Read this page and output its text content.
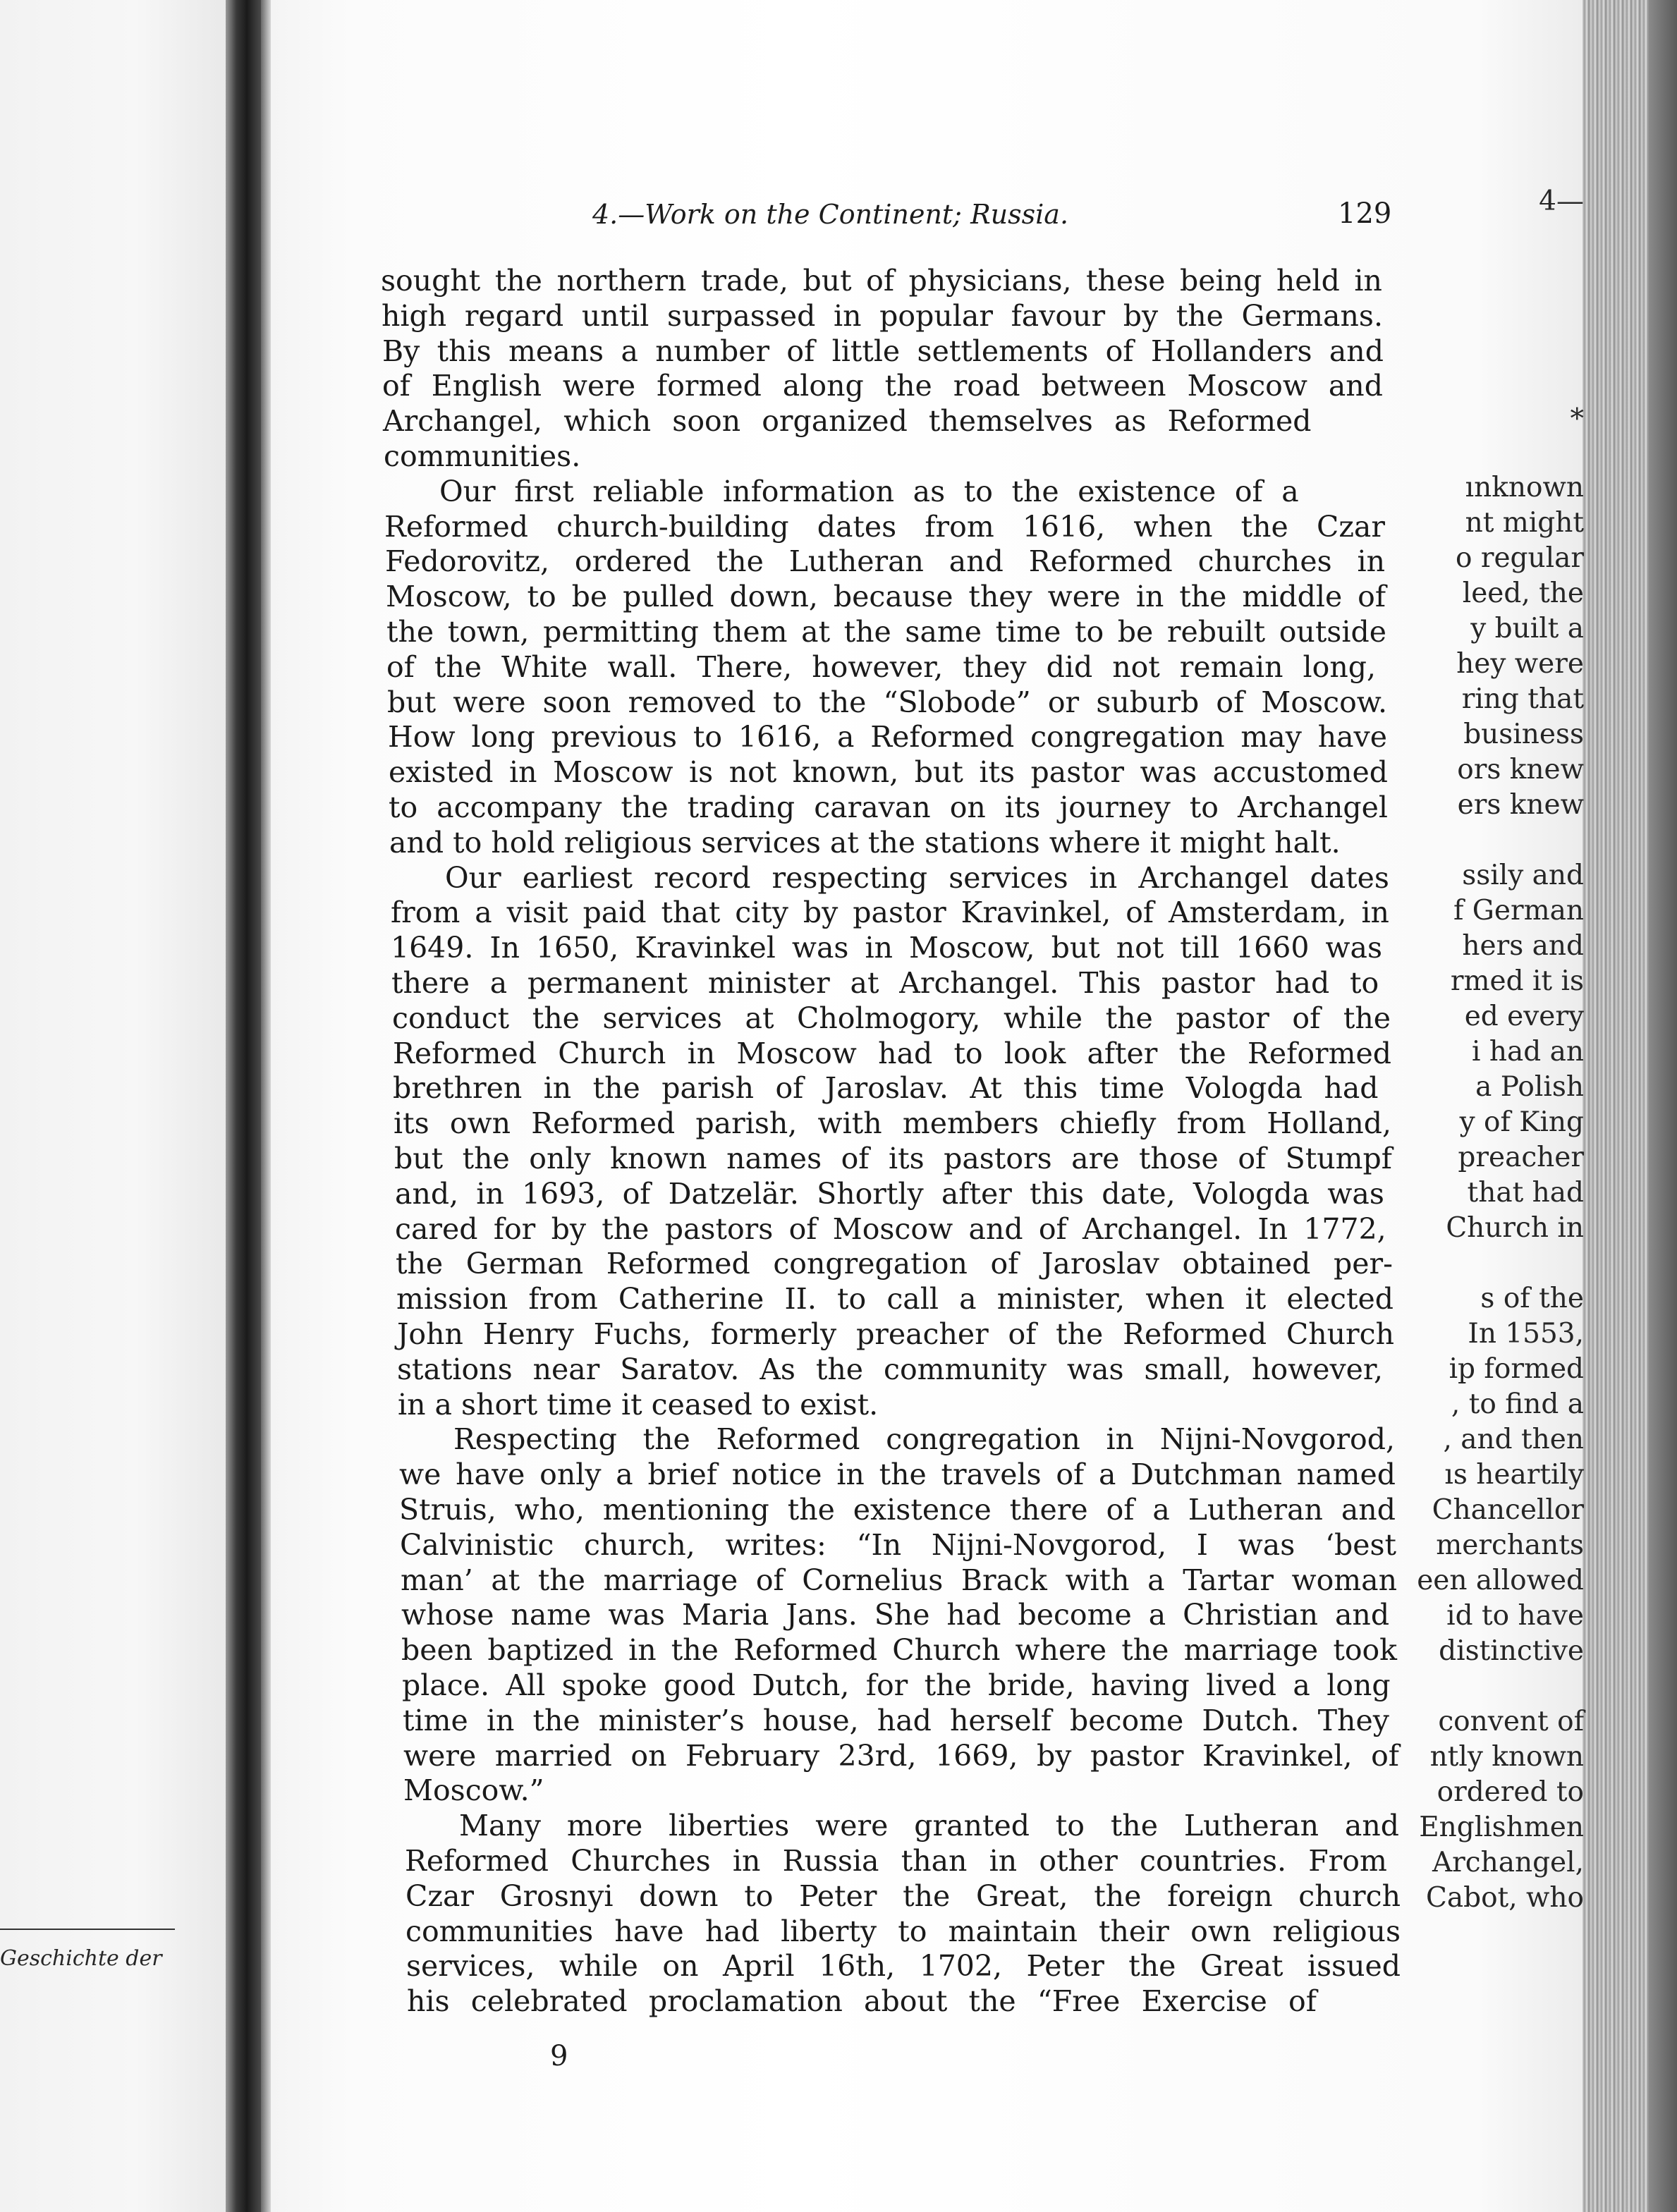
4—
*
ınknown
nt might
o regular
leed, the
y built a
hey were
ring that
business
ors knew
ers knew
ssily and
f German
hers and
rmed it is
ed every
i had an
a Polish
y of King
preacher
that had
Church in
s of the
In 1553,
ip formed
, to find a
, and then
ıs heartily
Chancellor
merchants
een allowed
id to have
distinctive
convent of
ntly known
ordered to
Englishmen
Archangel,
Cabot, who
Geschichte der
4.—Work on the Continent; Russia.	129
sought the northern trade, but of physicians, these being held in
high regard until surpassed in popular favour by the Germans.
By this means a number of little settlements of Hollanders and
of English were formed along the road between Moscow and
Archangel, which soon organized themselves as Reformed
communities.
Our first reliable information as to the existence of a
Reformed church-building dates from 1616, when the Czar
Fedorovitz, ordered the Lutheran and Reformed churches in
Moscow, to be pulled down, because they were in the middle of
the town, permitting them at the same time to be rebuilt outside
of the White wall. There, however, they did not remain long,
but were soon removed to the “Slobode” or suburb of Moscow.
How long previous to 1616, a Reformed congregation may have
existed in Moscow is not known, but its pastor was accustomed
to accompany the trading caravan on its journey to Archangel
and to hold religious services at the stations where it might halt.
Our earliest record respecting services in Archangel dates
from a visit paid that city by pastor Kravinkel, of Amsterdam, in
1649. In 1650, Kravinkel was in Moscow, but not till 1660 was
there a permanent minister at Archangel. This pastor had to
conduct the services at Cholmogory, while the pastor of the
Reformed Church in Moscow had to look after the Reformed
brethren in the parish of Jaroslav. At this time Vologda had
its own Reformed parish, with members chiefly from Holland,
but the only known names of its pastors are those of Stumpf
and, in 1693, of Datzelär. Shortly after this date, Vologda was
cared for by the pastors of Moscow and of Archangel. In 1772,
the German Reformed congregation of Jaroslav obtained per-
mission from Catherine II. to call a minister, when it elected
John Henry Fuchs, formerly preacher of the Reformed Church
stations near Saratov. As the community was small, however,
in a short time it ceased to exist.
Respecting the Reformed congregation in Nijni-Novgorod,
we have only a brief notice in the travels of a Dutchman named
Struis, who, mentioning the existence there of a Lutheran and
Calvinistic church, writes: “In Nijni-Novgorod, I was ‘best
man’ at the marriage of Cornelius Brack with a Tartar woman
whose name was Maria Jans. She had become a Christian and
been baptized in the Reformed Church where the marriage took
place. All spoke good Dutch, for the bride, having lived a long
time in the minister’s house, had herself become Dutch. They
were married on February 23rd, 1669, by pastor Kravinkel, of
Moscow.”
Many more liberties were granted to the Lutheran and
Reformed Churches in Russia than in other countries. From
Czar Grosnyi down to Peter the Great, the foreign church
communities have had liberty to maintain their own religious
services, while on April 16th, 1702, Peter the Great issued
his celebrated proclamation about the “Free Exercise of
9
